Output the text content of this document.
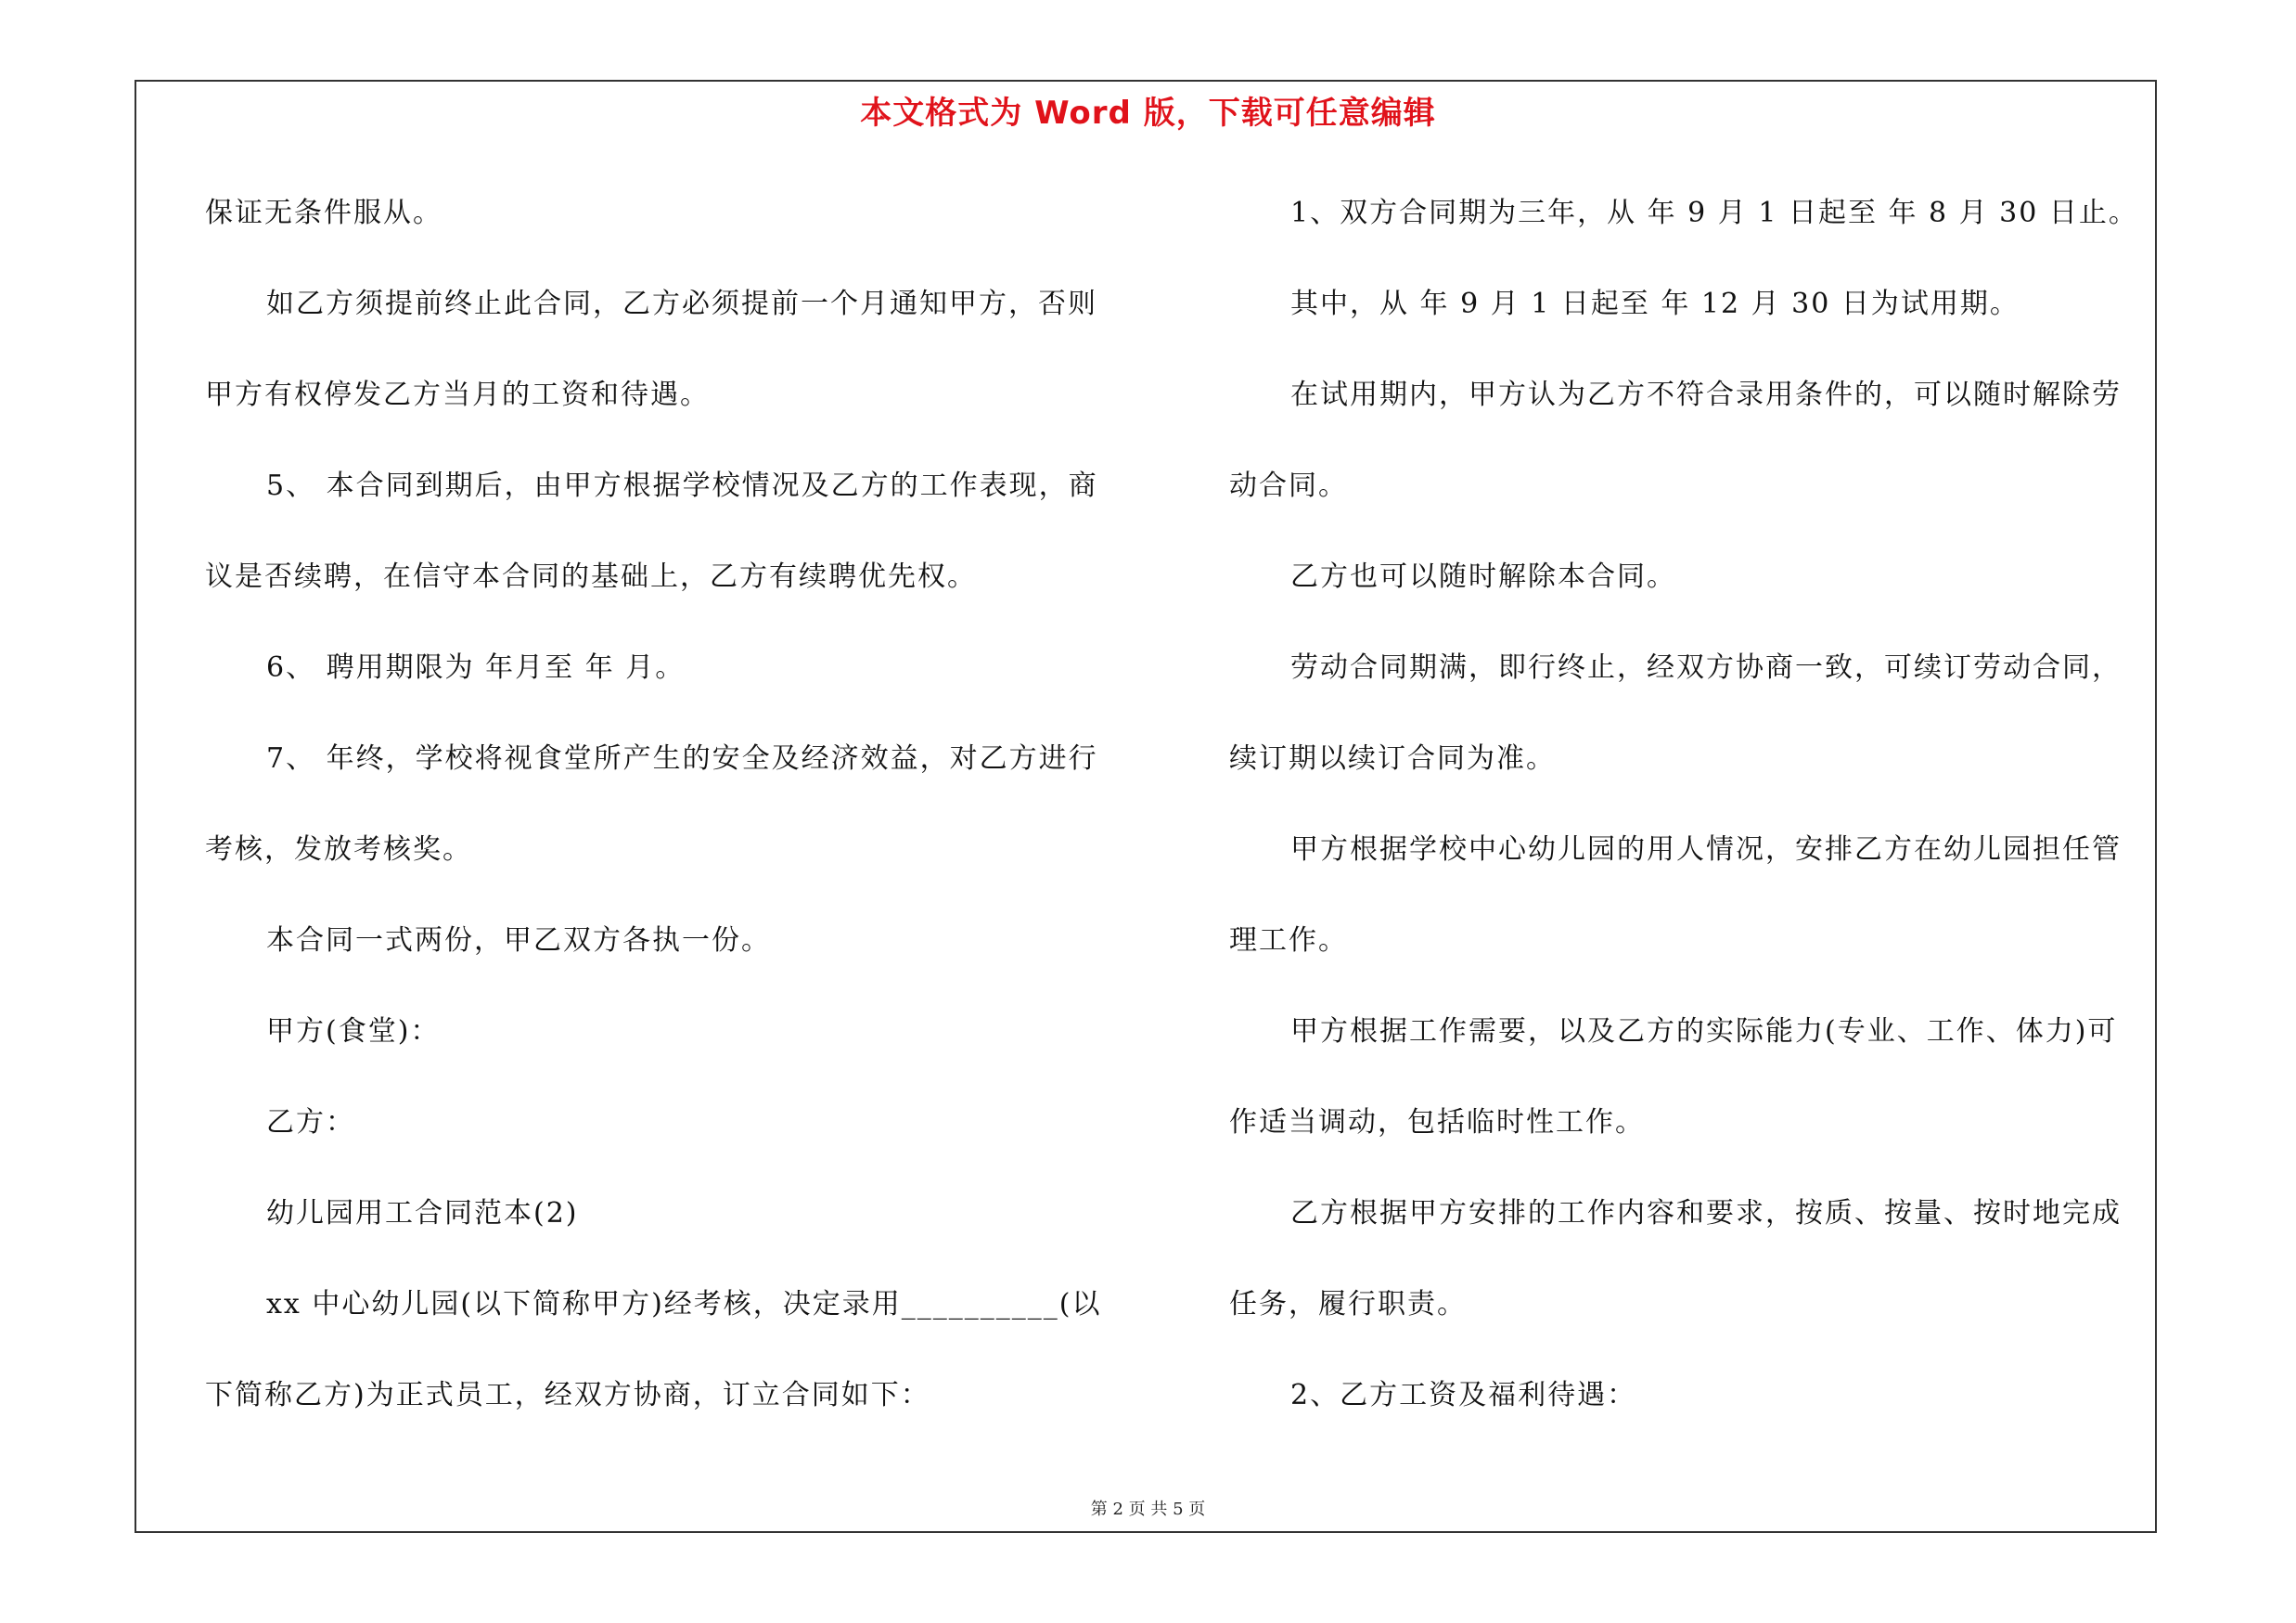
本文格式为 Word 版，下载可任意编辑
保证无条件服从。
如乙方须提前终止此合同，乙方必须提前一个月通知甲方，否则
甲方有权停发乙方当月的工资和待遇。
5、 本合同到期后，由甲方根据学校情况及乙方的工作表现，商
议是否续聘，在信守本合同的基础上，乙方有续聘优先权。
6、 聘用期限为 年月至 年 月。
7、 年终，学校将视食堂所产生的安全及经济效益，对乙方进行
考核，发放考核奖。
本合同一式两份，甲乙双方各执一份。
甲方(食堂)：
乙方：
幼儿园用工合同范本(2)
xx 中心幼儿园(以下简称甲方)经考核，决定录用__________(以
下简称乙方)为正式员工，经双方协商，订立合同如下：
1、双方合同期为三年，从 年 9 月 1 日起至 年 8 月 30 日止。
其中，从 年 9 月 1 日起至 年 12 月 30 日为试用期。
在试用期内，甲方认为乙方不符合录用条件的，可以随时解除劳
动合同。
乙方也可以随时解除本合同。
劳动合同期满，即行终止，经双方协商一致，可续订劳动合同，
续订期以续订合同为准。
甲方根据学校中心幼儿园的用人情况，安排乙方在幼儿园担任管
理工作。
甲方根据工作需要，以及乙方的实际能力(专业、工作、体力)可
作适当调动，包括临时性工作。
乙方根据甲方安排的工作内容和要求，按质、按量、按时地完成
任务，履行职责。
2、乙方工资及福利待遇：
第 2 页 共 5 页
